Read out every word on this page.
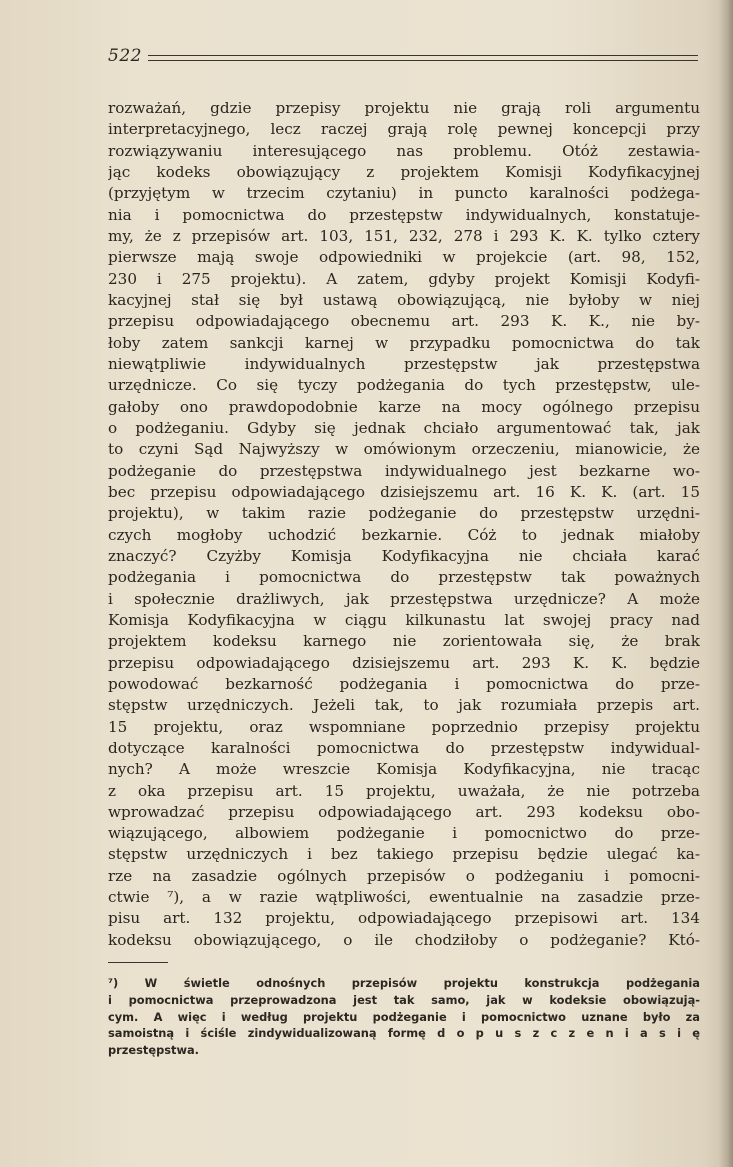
522
rozważań, gdzie przepisy projektu nie grają roli argumentu
interpretacyjnego, lecz raczej grają rolę pewnej koncepcji przy
rozwiązywaniu interesującego nas problemu. Otóż zestawia-
jąc kodeks obowiązujący z projektem Komisji Kodyfikacyjnej
(przyjętym w trzecim czytaniu) in puncto karalności podżega-
nia i pomocnictwa do przestępstw indywidualnych, konstatuje-
my, że z przepisów art. 103, 151, 232, 278 i 293 K. K. tylko cztery
pierwsze mają swoje odpowiedniki w projekcie (art. 98, 152,
230 i 275 projektu). A zatem, gdyby projekt Komisji Kodyfi-
kacyjnej stał się był ustawą obowiązującą, nie byłoby w niej
przepisu odpowiadającego obecnemu art. 293 K. K., nie by-
łoby zatem sankcji karnej w przypadku pomocnictwa do tak
niewątpliwie indywidualnych przestępstw jak przestępstwa
urzędnicze. Co się tyczy podżegania do tych przestępstw, ule-
gałoby ono prawdopodobnie karze na mocy ogólnego przepisu
o podżeganiu. Gdyby się jednak chciało argumentować tak, jak
to czyni Sąd Najwyższy w omówionym orzeczeniu, mianowicie, że
podżeganie do przestępstwa indywidualnego jest bezkarne wo-
bec przepisu odpowiadającego dzisiejszemu art. 16 K. K. (art. 15
projektu), w takim razie podżeganie do przestępstw urzędni-
czych mogłoby uchodzić bezkarnie. Cóż to jednak miałoby
znaczyć? Czyżby Komisja Kodyfikacyjna nie chciała karać
podżegania i pomocnictwa do przestępstw tak poważnych
i społecznie drażliwych, jak przestępstwa urzędnicze? A może
Komisja Kodyfikacyjna w ciągu kilkunastu lat swojej pracy nad
projektem kodeksu karnego nie zorientowała się, że brak
przepisu odpowiadającego dzisiejszemu art. 293 K. K. będzie
powodować bezkarność podżegania i pomocnictwa do prze-
stępstw urzędniczych. Jeżeli tak, to jak rozumiała przepis art.
15 projektu, oraz wspomniane poprzednio przepisy projektu
dotyczące karalności pomocnictwa do przestępstw indywidual-
nych? A może wreszcie Komisja Kodyfikacyjna, nie tracąc
z oka przepisu art. 15 projektu, uważała, że nie potrzeba
wprowadzać przepisu odpowiadającego art. 293 kodeksu obo-
wiązującego, albowiem podżeganie i pomocnictwo do prze-
stępstw urzędniczych i bez takiego przepisu będzie ulegać ka-
rze na zasadzie ogólnych przepisów o podżeganiu i pomocni-
ctwie ⁷), a w razie wątpliwości, ewentualnie na zasadzie prze-
pisu art. 132 projektu, odpowiadającego przepisowi art. 134
kodeksu obowiązującego, o ile chodziłoby o podżeganie? Któ-
⁷) W świetle odnośnych przepisów projektu konstrukcja podżegania
i pomocnictwa przeprowadzona jest tak samo, jak w kodeksie obowiązują-
cym. A więc i według projektu podżeganie i pomocnictwo uznane było za
samoistną i ściśle zindywidualizowaną formę d o p u s z c z e n i a s i ę
przestępstwa.
